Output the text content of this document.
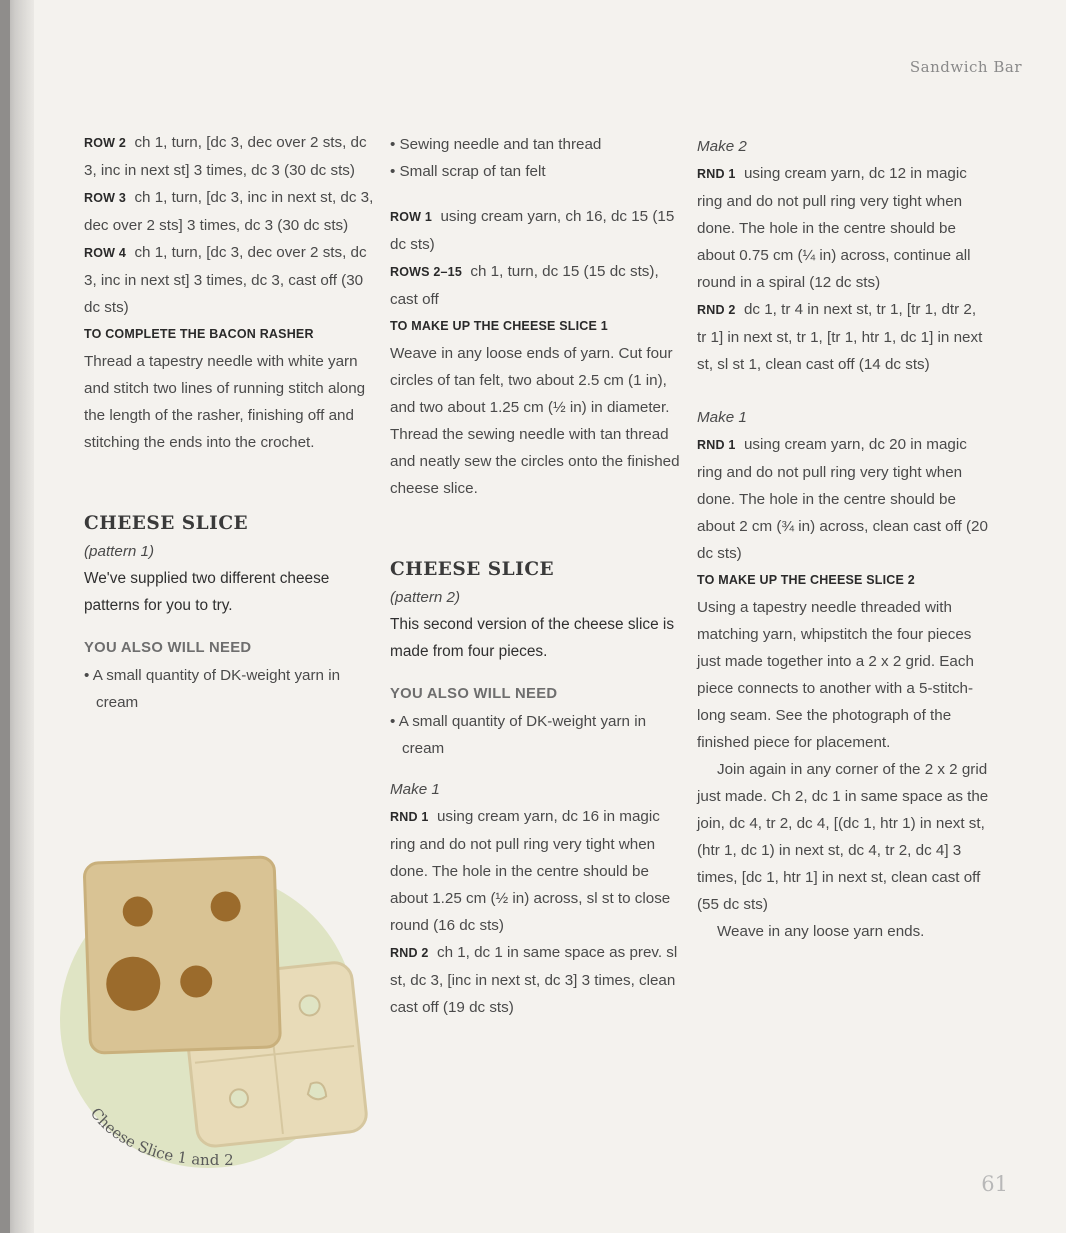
Sandwich Bar

ROW 2 ch 1, turn, [dc 3, dec over 2 sts, dc 3, inc in next st] 3 times, dc 3 (30 dc sts)

ROW 3 ch 1, turn, [dc 3, inc in next st, dc 3, dec over 2 sts] 3 times, dc 3 (30 dc sts)

ROW 4 ch 1, turn, [dc 3, dec over 2 sts, dc 3, inc in next st] 3 times, dc 3, cast off (30 dc sts)

TO COMPLETE THE BACON RASHER

Thread a tapestry needle with white yarn and stitch two lines of running stitch along the length of the rasher, finishing off and stitching the ends into the crochet.

CHEESE SLICE
(pattern 1)

We've supplied two different cheese patterns for you to try.

YOU ALSO WILL NEED
• A small quantity of DK-weight yarn in cream
• Sewing needle and tan thread
• Small scrap of tan felt

ROW 1 using cream yarn, ch 16, dc 15 (15 dc sts)

ROWS 2–15 ch 1, turn, dc 15 (15 dc sts), cast off

TO MAKE UP THE CHEESE SLICE 1

Weave in any loose ends of yarn. Cut four circles of tan felt, two about 2.5 cm (1 in), and two about 1.25 cm (½ in) in diameter. Thread the sewing needle with tan thread and neatly sew the circles onto the finished cheese slice.

CHEESE SLICE
(pattern 2)

This second version of the cheese slice is made from four pieces.

YOU ALSO WILL NEED
• A small quantity of DK-weight yarn in cream
Make 1

RND 1 using cream yarn, dc 16 in magic ring and do not pull ring very tight when done. The hole in the centre should be about 1.25 cm (½ in) across, sl st to close round (16 dc sts)

RND 2 ch 1, dc 1 in same space as prev. sl st, dc 3, [inc in next st, dc 3] 3 times, clean cast off (19 dc sts)

Make 2

RND 1 using cream yarn, dc 12 in magic ring and do not pull ring very tight when done. The hole in the centre should be about 0.75 cm (¼ in) across, continue all round in a spiral (12 dc sts)

RND 2 dc 1, tr 4 in next st, tr 1, [tr 1, dtr 2, tr 1] in next st, tr 1, [tr 1, htr 1, dc 1] in next st, sl st 1, clean cast off (14 dc sts)

Make 1

RND 1 using cream yarn, dc 20 in magic ring and do not pull ring very tight when done. The hole in the centre should be about 2 cm (¾ in) across, clean cast off (20 dc sts)

TO MAKE UP THE CHEESE SLICE 2

Using a tapestry needle threaded with matching yarn, whipstitch the four pieces just made together into a 2 x 2 grid. Each piece connects to another with a 5-stitch-long seam. See the photograph of the finished piece for placement.

Join again in any corner of the 2 x 2 grid just made. Ch 2, dc 1 in same space as the join, dc 4, tr 2, dc 4, [(dc 1, htr 1) in next st, (htr 1, dc 1) in next st, dc 4, tr 2, dc 4] 3 times, [dc 1, htr 1] in next st, clean cast off (55 dc sts)

Weave in any loose yarn ends.

Cheese Slice 1 and 2
61
